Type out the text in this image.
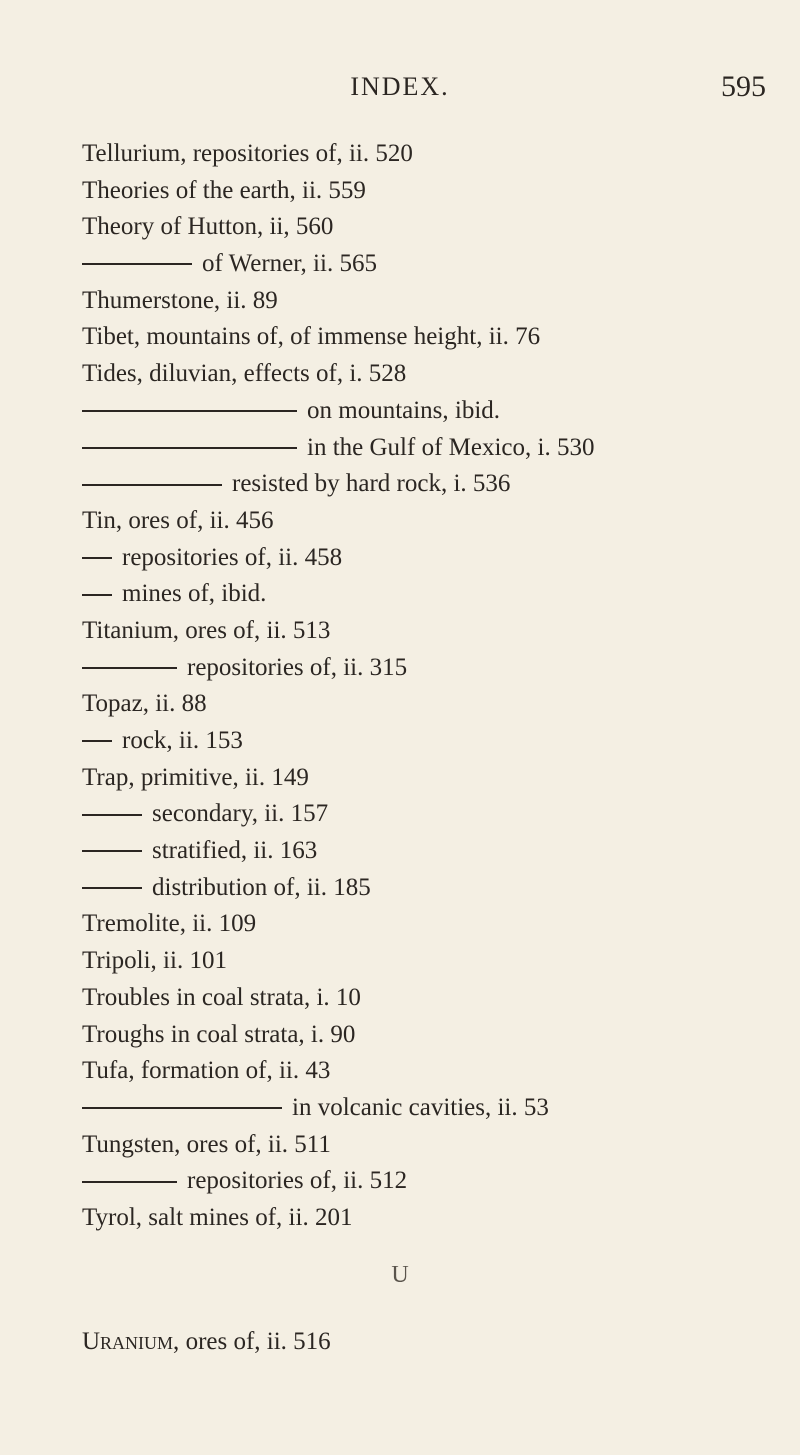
INDEX.	595
Tellurium, repositories of, ii. 520
Theories of the earth, ii. 559
Theory of Hutton, ii, 560
of Werner, ii. 565
Thumerstone, ii. 89
Tibet, mountains of, of immense height, ii. 76
Tides, diluvian, effects of, i. 528
on mountains, ibid.
in the Gulf of Mexico, i. 530
resisted by hard rock, i. 536
Tin, ores of, ii. 456
repositories of, ii. 458
mines of, ibid.
Titanium, ores of, ii. 513
repositories of, ii. 315
Topaz, ii. 88
rock, ii. 153
Trap, primitive, ii. 149
secondary, ii. 157
stratified, ii. 163
distribution of, ii. 185
Tremolite, ii. 109
Tripoli, ii. 101
Troubles in coal strata, i. 10
Troughs in coal strata, i. 90
Tufa, formation of, ii. 43
in volcanic cavities, ii. 53
Tungsten, ores of, ii. 511
repositories of, ii. 512
Tyrol, salt mines of, ii. 201
U
Uranium, ores of, ii. 516
